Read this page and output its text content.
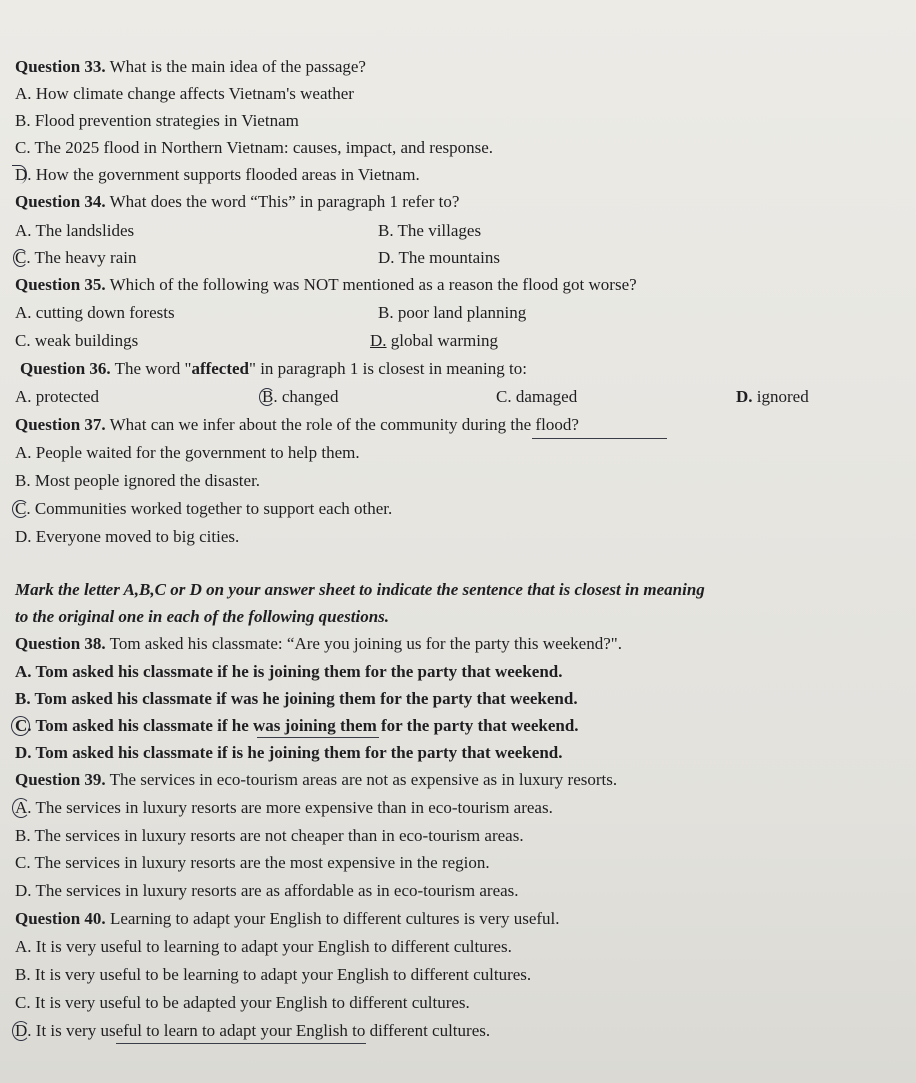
Question 33. What is the main idea of the passage?
A. How climate change affects Vietnam's weather
B. Flood prevention strategies in Vietnam
C. The 2025 flood in Northern Vietnam: causes, impact, and response.
D. How the government supports flooded areas in Vietnam.
Question 34. What does the word “This” in paragraph 1 refer to?
A. The landslides	B. The villages
C. The heavy rain	D. The mountains
Question 35. Which of the following was NOT mentioned as a reason the flood got worse?
A. cutting down forests	B. poor land planning
C. weak buildings	D. global warming
Question 36. The word "affected" in paragraph 1 is closest in meaning to:
A. protected	B. changed	C. damaged	D. ignored
Question 37. What can we infer about the role of the community during the flood?
A. People waited for the government to help them.
B. Most people ignored the disaster.
C. Communities worked together to support each other.
D. Everyone moved to big cities.
Mark the letter A,B,C or D on your answer sheet to indicate the sentence that is closest in meaning
to the original one in each of the following questions.
Question 38. Tom asked his classmate: “Are you joining us for the party this weekend?".
A. Tom asked his classmate if he is joining them for the party that weekend.
B. Tom asked his classmate if was he joining them for the party that weekend.
C. Tom asked his classmate if he was joining them for the party that weekend.
D. Tom asked his classmate if is he joining them for the party that weekend.
Question 39. The services in eco-tourism areas are not as expensive as in luxury resorts.
A. The services in luxury resorts are more expensive than in eco-tourism areas.
B. The services in luxury resorts are not cheaper than in eco-tourism areas.
C. The services in luxury resorts are the most expensive in the region.
D. The services in luxury resorts are as affordable as in eco-tourism areas.
Question 40. Learning to adapt your English to different cultures is very useful.
A. It is very useful to learning to adapt your English to different cultures.
B. It is very useful to be learning to adapt your English to different cultures.
C. It is very useful to be adapted your English to different cultures.
D. It is very useful to learn to adapt your English to different cultures.
